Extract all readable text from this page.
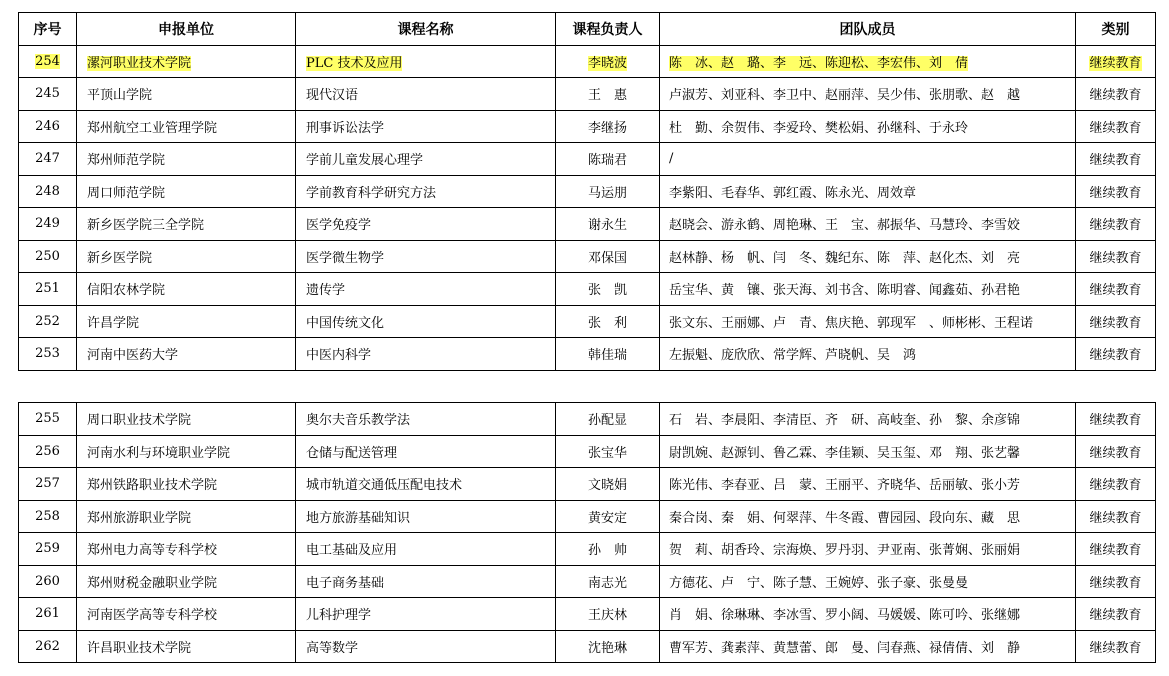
序号	申报单位	课程名称	课程负责人	团队成员	类别
254	漯河职业技术学院	PLC 技术及应用	李晓波	陈　冰、赵　璐、李　远、陈迎松、李宏伟、刘　倩	继续教育
245	平顶山学院	现代汉语	王　惠	卢淑芳、刘亚科、李卫中、赵丽萍、吴少伟、张朋歌、赵　越	继续教育
246	郑州航空工业管理学院	刑事诉讼法学	李继扬	杜　勤、余贺伟、李爱玲、樊松娟、孙继科、于永玲	继续教育
247	郑州师范学院	学前儿童发展心理学	陈瑞君	/	继续教育
248	周口师范学院	学前教育科学研究方法	马运朋	李紫阳、毛春华、郭红霞、陈永光、周效章	继续教育
249	新乡医学院三全学院	医学免疫学	谢永生	赵晓会、游永鹤、周艳琳、王　宝、郝振华、马慧玲、李雪姣	继续教育
250	新乡医学院	医学微生物学	邓保国	赵林静、杨　帆、闫　冬、魏纪东、陈　萍、赵化杰、刘　亮	继续教育
251	信阳农林学院	遗传学	张　凯	岳宝华、黄　镶、张天海、刘书含、陈明睿、闻鑫茹、孙君艳	继续教育
252	许昌学院	中国传统文化	张　利	张文东、王丽娜、卢　青、焦庆艳、郭现军　、师彬彬、王程诺	继续教育
253	河南中医药大学	中医内科学	韩佳瑞	左振魁、庞欣欣、常学辉、芦晓帆、吴　鸿	继续教育
255	周口职业技术学院	奥尔夫音乐教学法	孙配显	石　岩、李晨阳、李清臣、齐　研、高岐奎、孙　黎、余彦锦	继续教育
256	河南水利与环境职业学院	仓储与配送管理	张宝华	尉凯婉、赵源钊、鲁乙霖、李佳颖、吴玉玺、邓　翔、张艺馨	继续教育
257	郑州铁路职业技术学院	城市轨道交通低压配电技术	文晓娟	陈光伟、李春亚、吕　蒙、王丽平、齐晓华、岳丽敏、张小芳	继续教育
258	郑州旅游职业学院	地方旅游基础知识	黄安定	秦合岗、秦　娟、何翠萍、牛冬霞、曹园园、段向东、藏　思	继续教育
259	郑州电力高等专科学校	电工基础及应用	孙　帅	贺　莉、胡香玲、宗海焕、罗丹羽、尹亚南、张菁娴、张丽娟	继续教育
260	郑州财税金融职业学院	电子商务基础	南志光	方德花、卢　宁、陈子慧、王婉婷、张子豪、张曼曼	继续教育
261	河南医学高等专科学校	儿科护理学	王庆林	肖　娟、徐琳琳、李冰雪、罗小阔、马媛媛、陈可吟、张继娜	继续教育
262	许昌职业技术学院	高等数学	沈艳琳	曹军芳、龚素萍、黄慧蕾、郎　曼、闫春燕、禄倩倩、刘　静	继续教育
